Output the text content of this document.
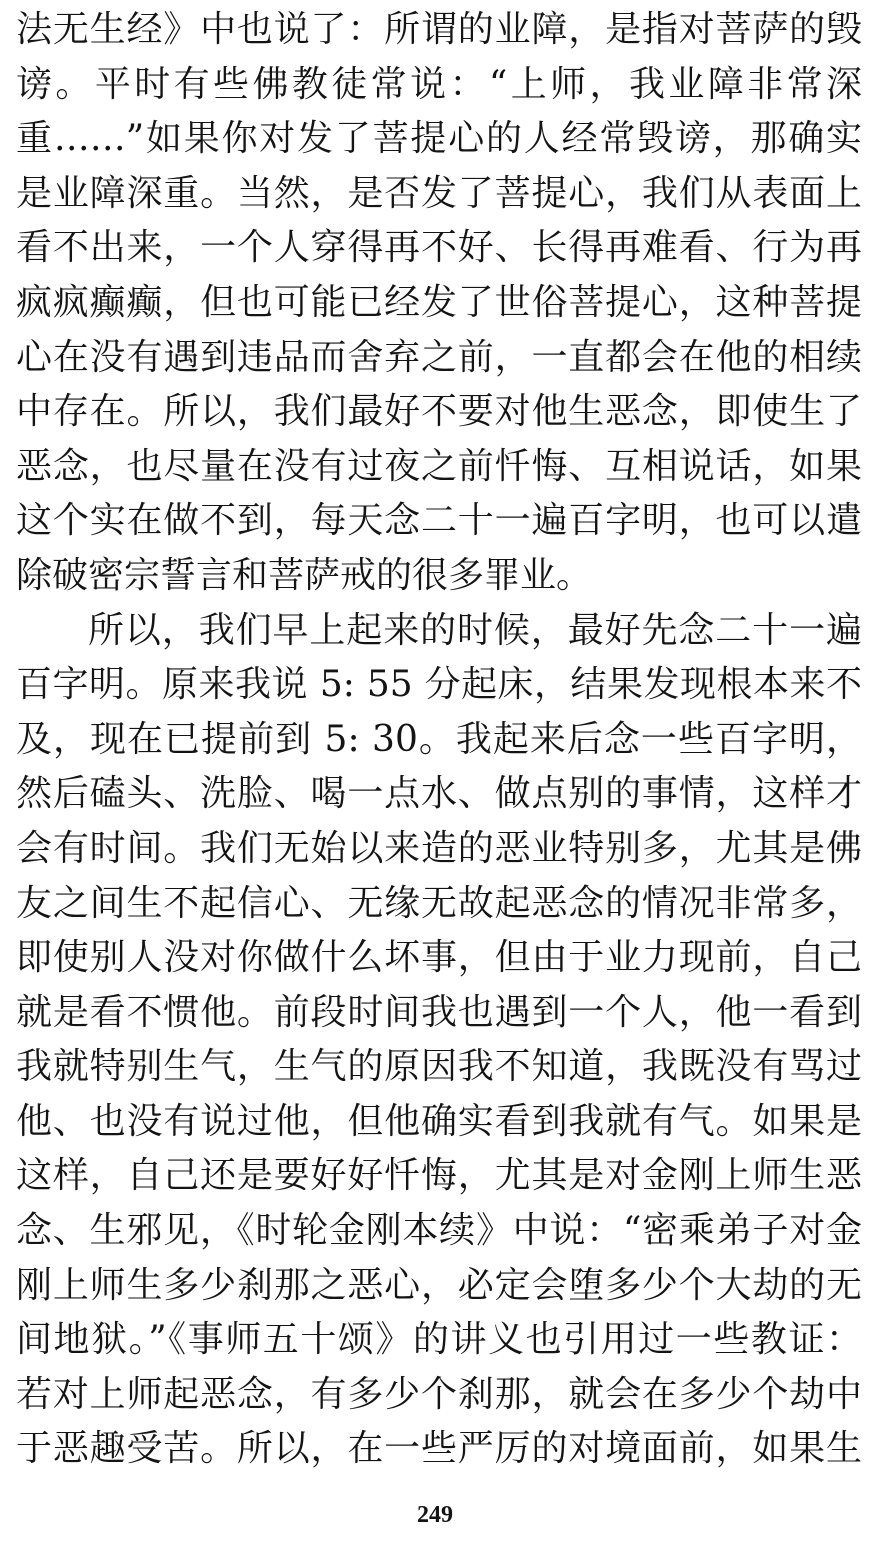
法无生经》中也说了：所谓的业障，是指对菩萨的毁
谤。平时有些佛教徒常说：“上师，我业障非常深
重……”如果你对发了菩提心的人经常毁谤，那确实
是业障深重。当然，是否发了菩提心，我们从表面上
看不出来，一个人穿得再不好、长得再难看、行为再
疯疯癫癫，但也可能已经发了世俗菩提心，这种菩提
心在没有遇到违品而舍弃之前，一直都会在他的相续
中存在。所以，我们最好不要对他生恶念，即使生了
恶念，也尽量在没有过夜之前忏悔、互相说话，如果
这个实在做不到，每天念二十一遍百字明，也可以遣
除破密宗誓言和菩萨戒的很多罪业。
所以，我们早上起来的时候，最好先念二十一遍
百字明。原来我说 5: 55 分起床，结果发现根本来不
及，现在已提前到 5: 30。我起来后念一些百字明，
然后磕头、洗脸、喝一点水、做点别的事情，这样才
会有时间。我们无始以来造的恶业特别多，尤其是佛
友之间生不起信心、无缘无故起恶念的情况非常多，
即使别人没对你做什么坏事，但由于业力现前，自己
就是看不惯他。前段时间我也遇到一个人，他一看到
我就特别生气，生气的原因我不知道，我既没有骂过
他、也没有说过他，但他确实看到我就有气。如果是
这样，自己还是要好好忏悔，尤其是对金刚上师生恶
念、生邪见，《时轮金刚本续》中说：“密乘弟子对金
刚上师生多少刹那之恶心，必定会堕多少个大劫的无
间地狱。”《事师五十颂》的讲义也引用过一些教证：
若对上师起恶念，有多少个刹那，就会在多少个劫中
于恶趣受苦。所以，在一些严厉的对境面前，如果生
249
